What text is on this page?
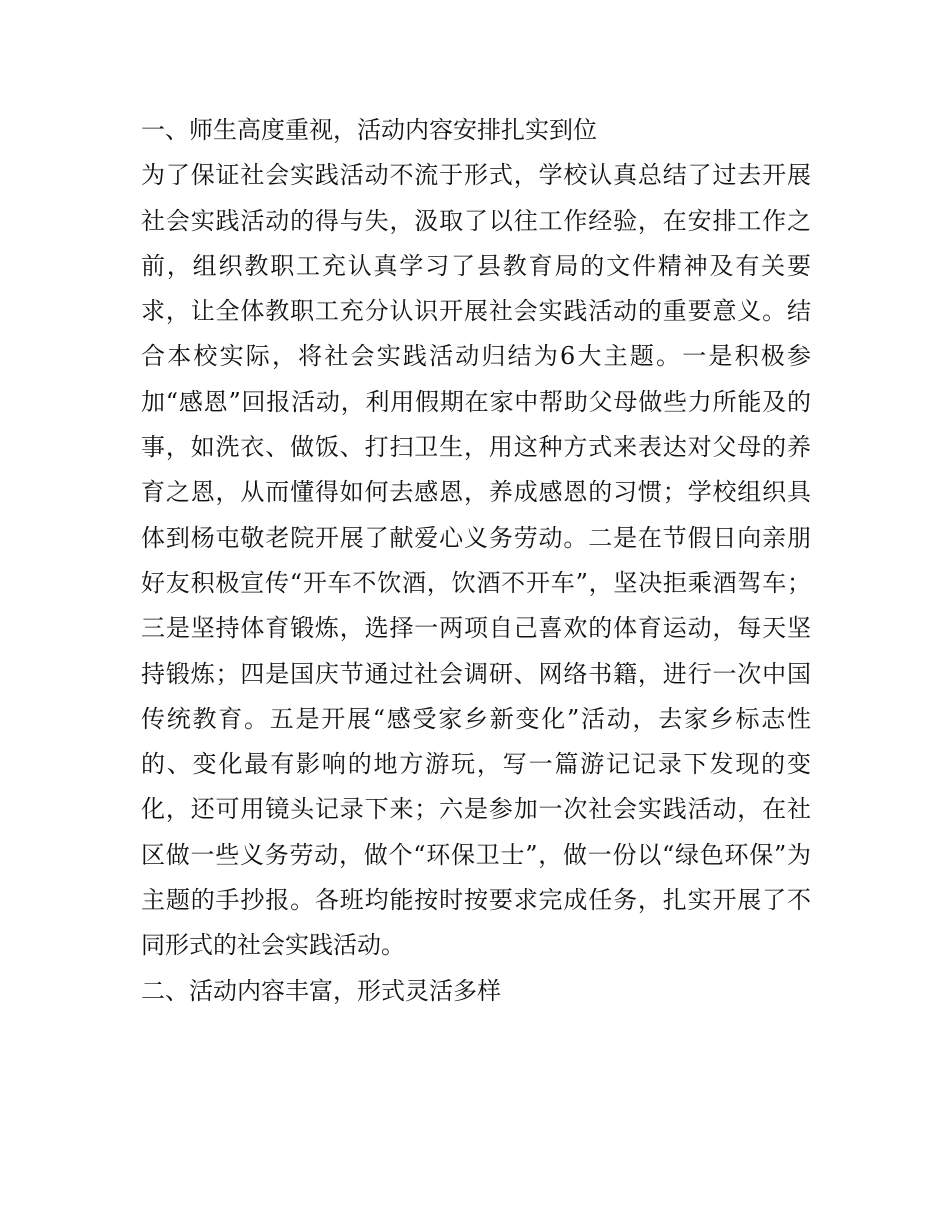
一、师生高度重视，活动内容安排扎实到位
为了保证社会实践活动不流于形式，学校认真总结了过去开展
社会实践活动的得与失，汲取了以往工作经验，在安排工作之
前，组织教职工充认真学习了县教育局的文件精神及有关要
求，让全体教职工充分认识开展社会实践活动的重要意义。结
合本校实际，将社会实践活动归结为6大主题。一是积极参
加“感恩”回报活动，利用假期在家中帮助父母做些力所能及的
事，如洗衣、做饭、打扫卫生，用这种方式来表达对父母的养
育之恩，从而懂得如何去感恩，养成感恩的习惯；学校组织具
体到杨屯敬老院开展了献爱心义务劳动。二是在节假日向亲朋
好友积极宣传“开车不饮酒，饮酒不开车”，坚决拒乘酒驾车；
三是坚持体育锻炼，选择一两项自己喜欢的体育运动，每天坚
持锻炼；四是国庆节通过社会调研、网络书籍，进行一次中国
传统教育。五是开展“感受家乡新变化”活动，去家乡标志性
的、变化最有影响的地方游玩，写一篇游记记录下发现的变
化，还可用镜头记录下来；六是参加一次社会实践活动，在社
区做一些义务劳动，做个“环保卫士”，做一份以“绿色环保”为
主题的手抄报。各班均能按时按要求完成任务，扎实开展了不
同形式的社会实践活动。
二、活动内容丰富，形式灵活多样
